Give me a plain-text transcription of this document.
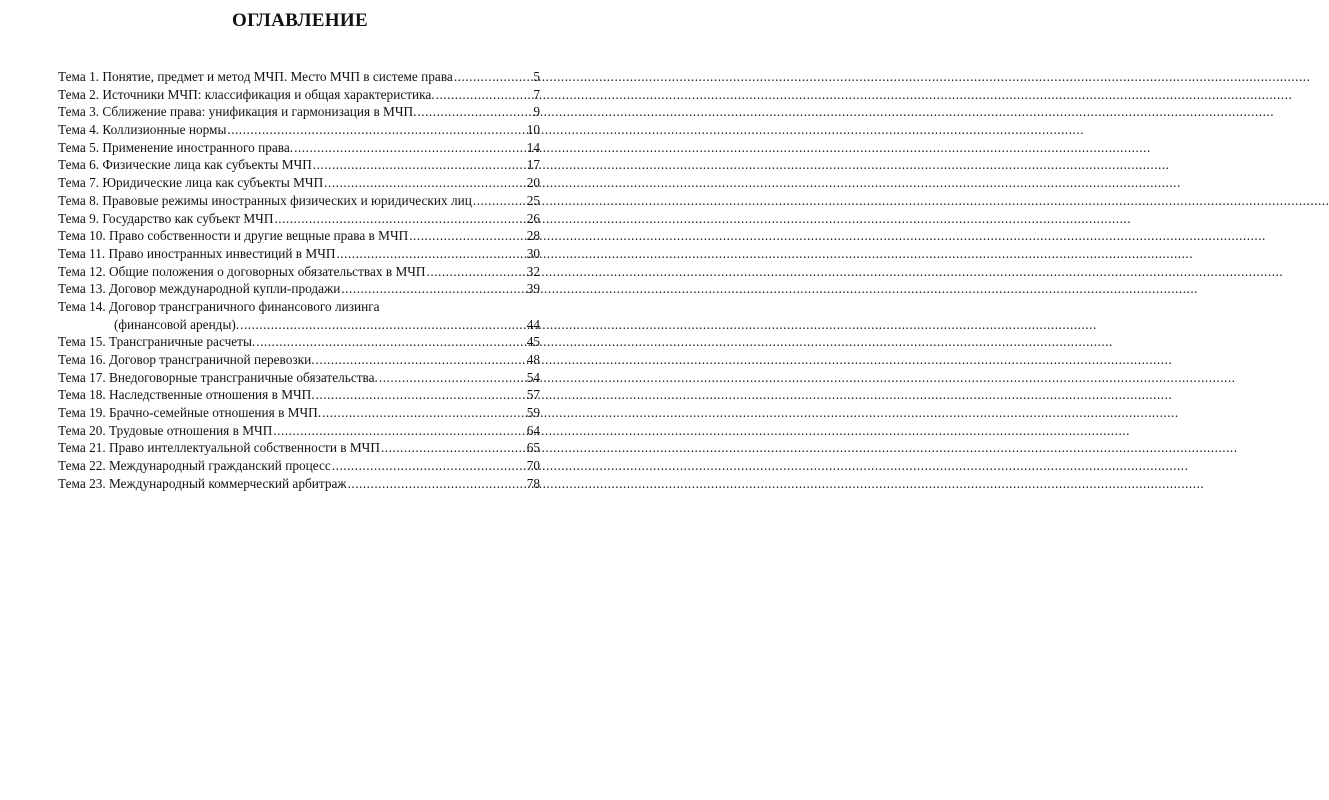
ОГЛАВЛЕНИЕ
Тема 1. Понятие, предмет и метод МЧП. Место МЧП в системе права .....	5
Тема 2. Источники МЧП: классификация и общая характеристика. .....	7
Тема 3. Сближение права: унификация и гармонизация в МЧП. .....	9
Тема 4. Коллизионные нормы .....	10
Тема 5. Применение иностранного права. .....	14
Тема 6. Физические лица как субъекты МЧП .....	17
Тема 7. Юридические лица как субъекты МЧП .....	20
Тема 8. Правовые режимы иностранных физических и юридических лиц .....	25
Тема 9. Государство как субъект МЧП .....	26
Тема 10. Право собственности и другие вещные права в МЧП .....	28
Тема 11. Право иностранных инвестиций в МЧП .....	30
Тема 12. Общие положения о договорных обязательствах в МЧП .....	32
Тема 13. Договор международной купли-продажи .....	39
Тема 14. Договор трансграничного финансового лизинга
(финансовой аренды). .....	44
Тема 15. Трансграничные расчеты. .....	45
Тема 16. Договор трансграничной перевозки. .....	48
Тема 17. Внедоговорные трансграничные обязательства. .....	54
Тема 18. Наследственные отношения в МЧП. .....	57
Тема 19. Брачно-семейные отношения в МЧП. .....	59
Тема 20. Трудовые отношения в МЧП .....	64
Тема 21. Право интеллектуальной собственности в МЧП .....	65
Тема 22. Международный гражданский процесс .....	70
Тема 23. Международный коммерческий арбитраж .....	78
